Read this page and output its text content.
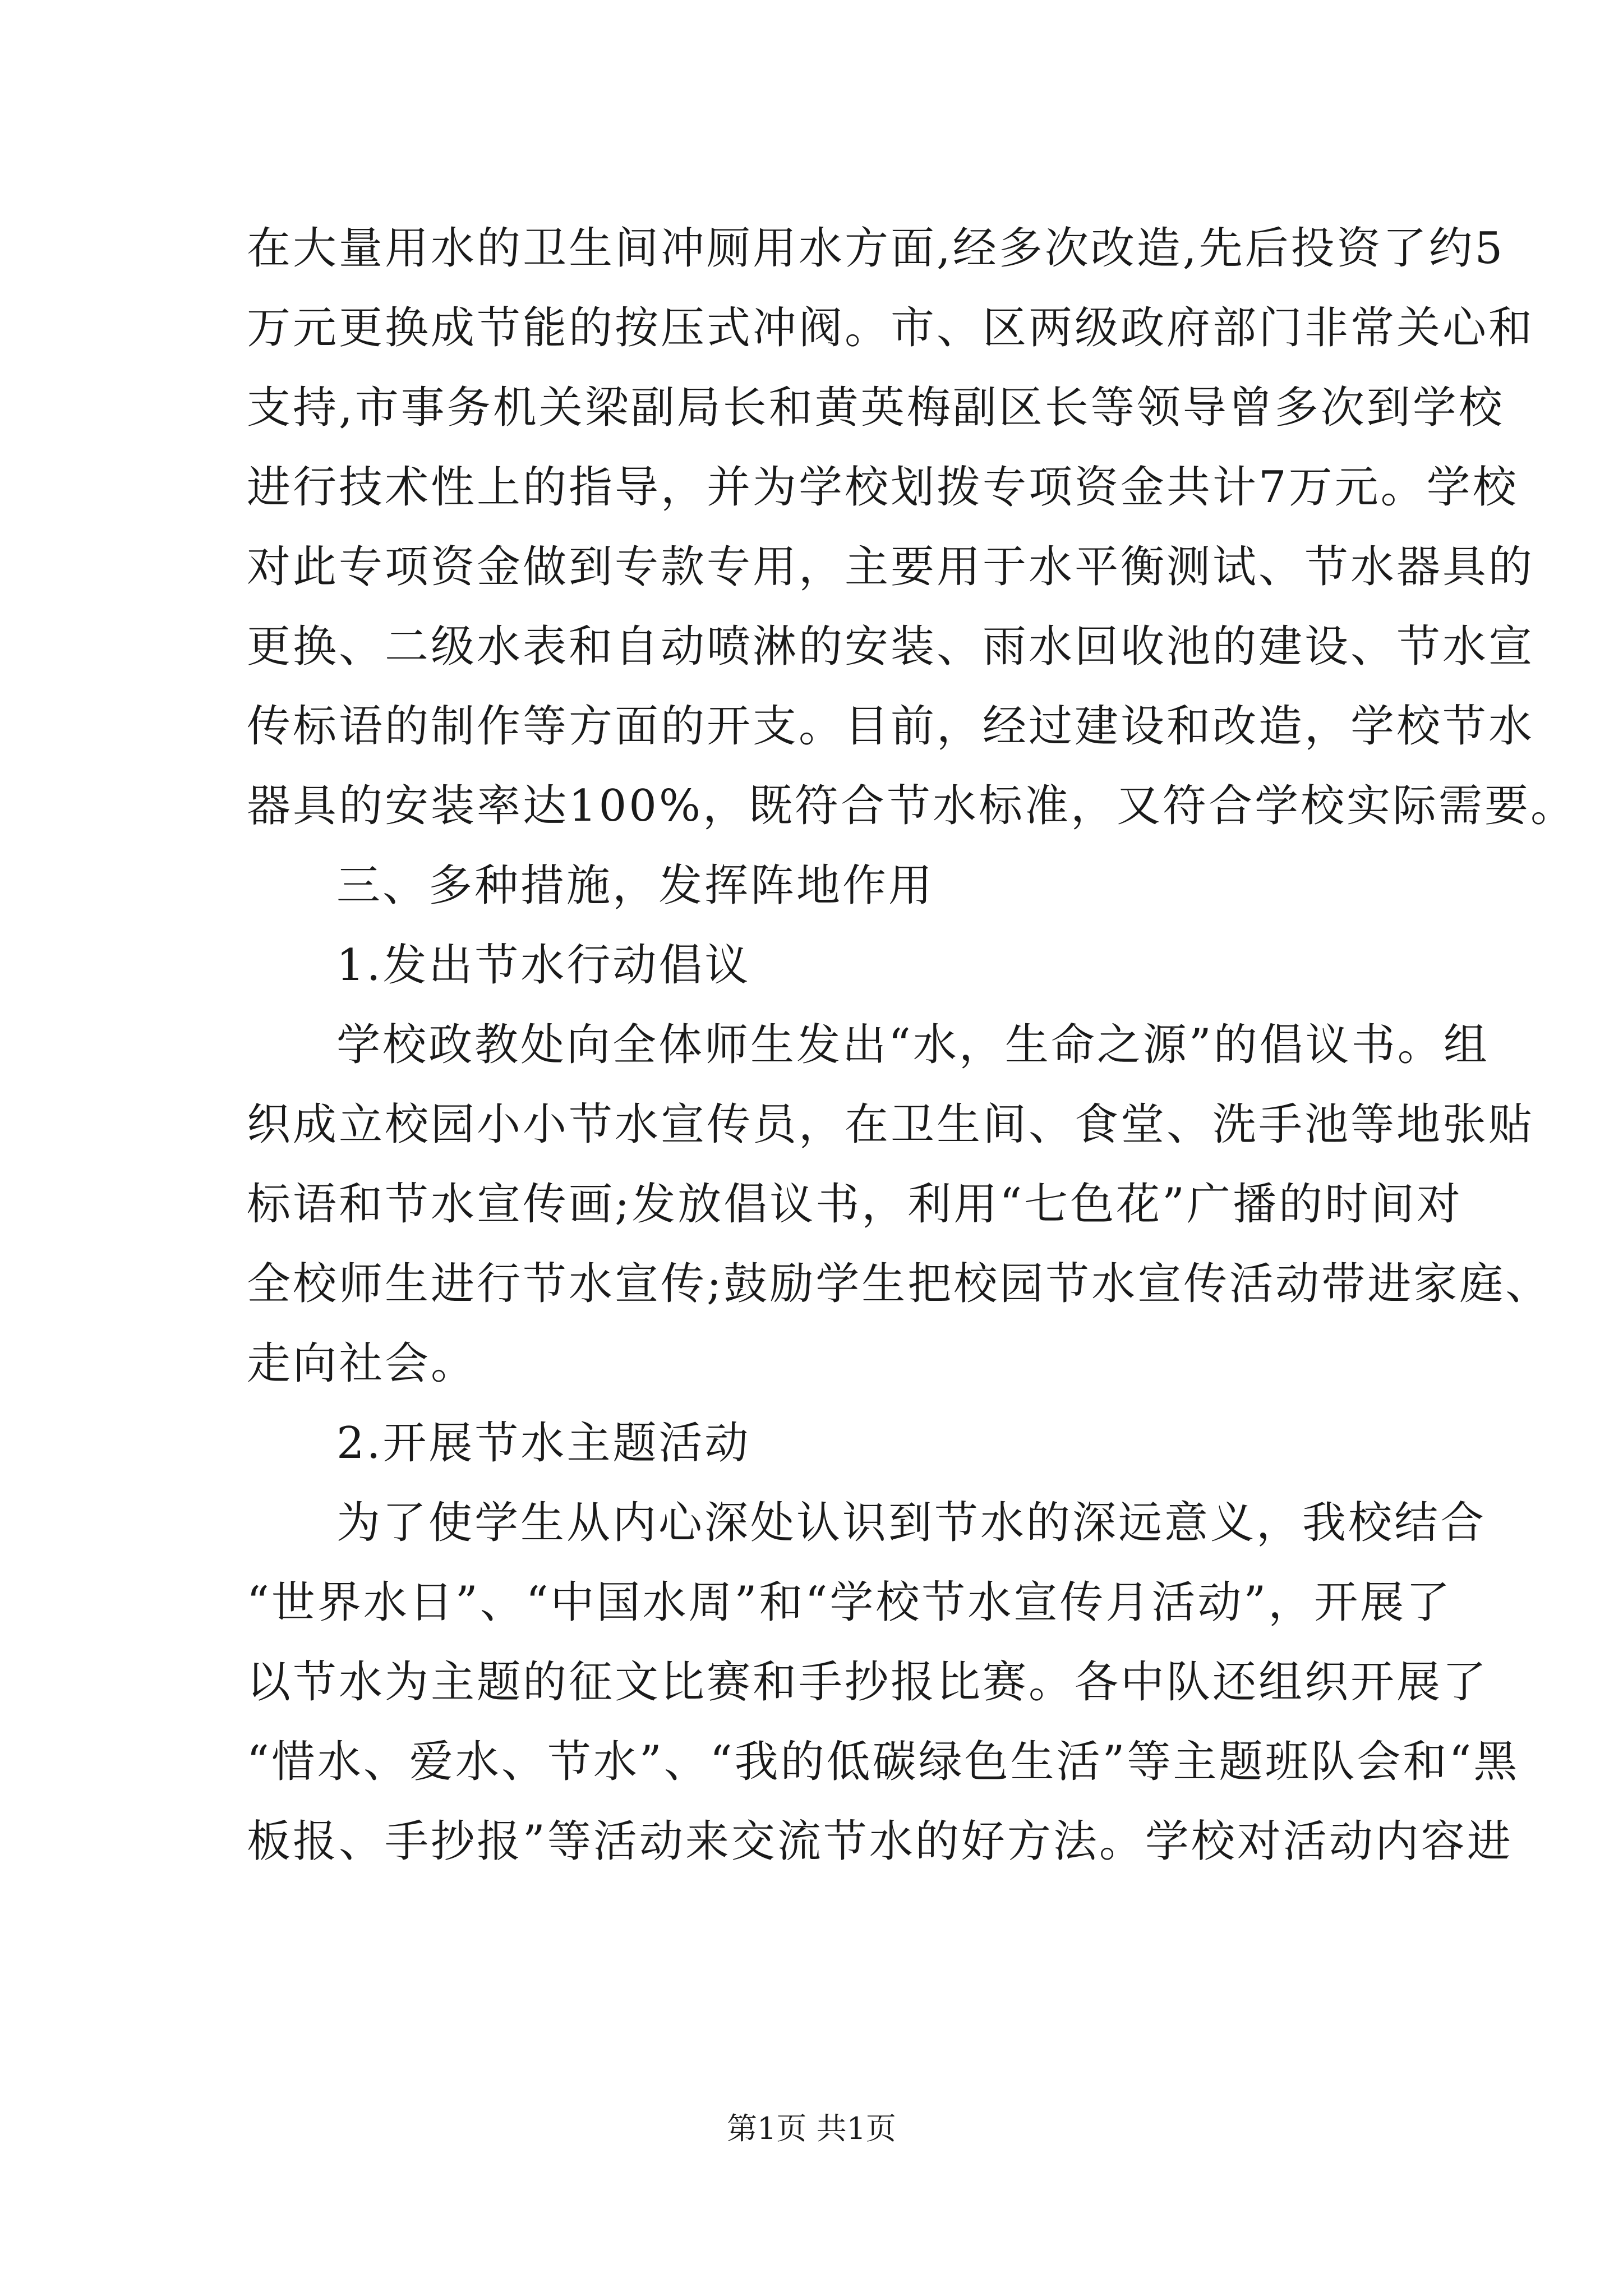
在大量用水的卫生间冲厕用水方面,经多次改造,先后投资了约5
万元更换成节能的按压式冲阀。市、区两级政府部门非常关心和
支持,市事务机关梁副局长和黄英梅副区长等领导曾多次到学校
进行技术性上的指导，并为学校划拨专项资金共计7万元。学校
对此专项资金做到专款专用，主要用于水平衡测试、节水器具的
更换、二级水表和自动喷淋的安装、雨水回收池的建设、节水宣
传标语的制作等方面的开支。目前，经过建设和改造，学校节水
器具的安装率达100%，既符合节水标准，又符合学校实际需要。
三、多种措施，发挥阵地作用
1.发出节水行动倡议
学校政教处向全体师生发出“水，生命之源”的倡议书。组
织成立校园小小节水宣传员，在卫生间、食堂、洗手池等地张贴
标语和节水宣传画;发放倡议书，利用“七色花”广播的时间对
全校师生进行节水宣传;鼓励学生把校园节水宣传活动带进家庭、
走向社会。
2.开展节水主题活动
为了使学生从内心深处认识到节水的深远意义，我校结合
“世界水日”、“中国水周”和“学校节水宣传月活动”，开展了
以节水为主题的征文比赛和手抄报比赛。各中队还组织开展了
“惜水、爱水、节水”、“我的低碳绿色生活”等主题班队会和“黑
板报、手抄报”等活动来交流节水的好方法。学校对活动内容进
第1页 共1页
